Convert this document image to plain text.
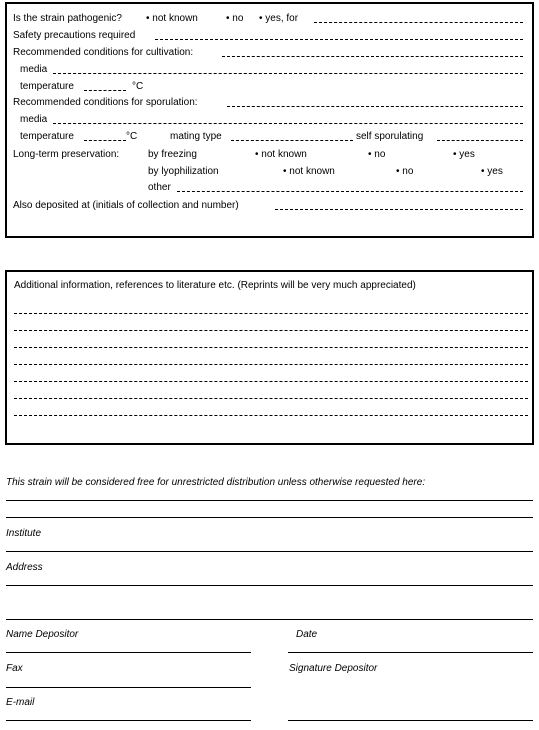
Is the strain pathogenic? • not known	• no • yes, for
Safety precautions required
Recommended conditions for cultivation:
media
temperature	°C
Recommended conditions for sporulation:
media
temperature	°C	mating type	self sporulating
Long-term preservation:	by freezing	• not known	• no	• yes
by lyophilization	• not known	• no	• yes
other
Also deposited at (initials of collection and number)
Additional information, references to literature etc. (Reprints will be very much appreciated)
This strain will be considered free for unrestricted distribution unless otherwise requested here:
Institute
Address
Name Depositor	Date
Fax	Signature Depositor
E-mail
